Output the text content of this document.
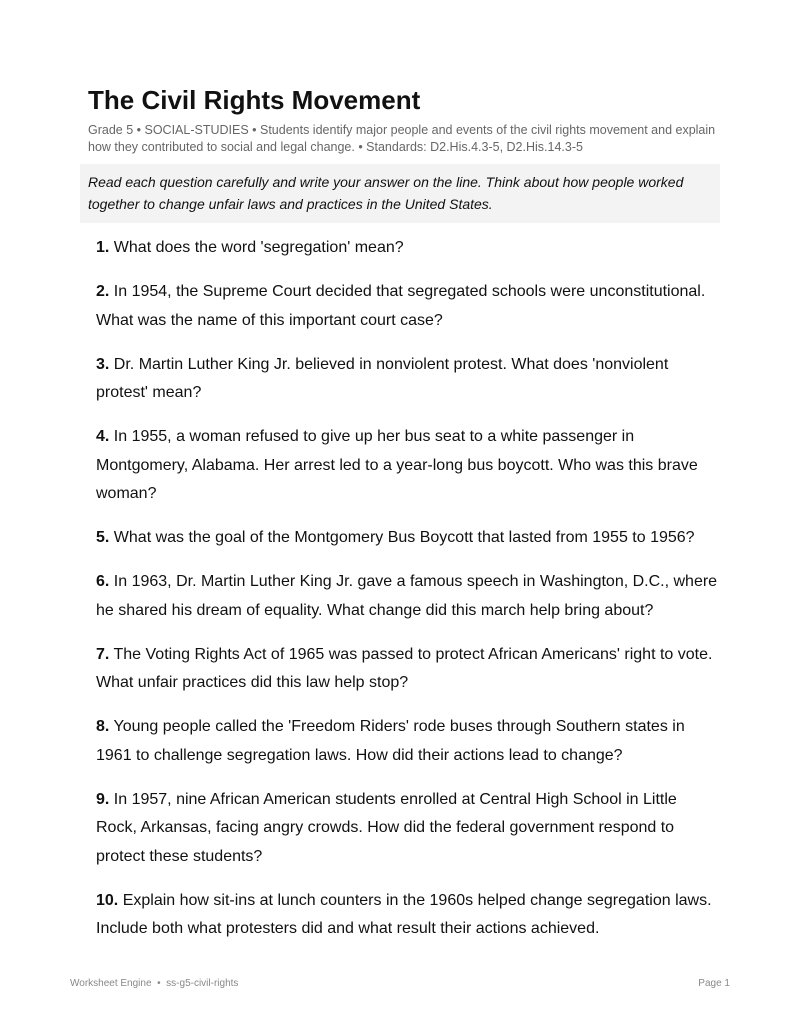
The Civil Rights Movement

Grade 5 • SOCIAL-STUDIES • Students identify major people and events of the civil rights movement and explain how they contributed to social and legal change. • Standards: D2.His.4.3-5, D2.His.14.3-5

Read each question carefully and write your answer on the line. Think about how people worked together to change unfair laws and practices in the United States.
1. What does the word 'segregation' mean?
2. In 1954, the Supreme Court decided that segregated schools were unconstitutional. What was the name of this important court case?
3. Dr. Martin Luther King Jr. believed in nonviolent protest. What does 'nonviolent protest' mean?
4. In 1955, a woman refused to give up her bus seat to a white passenger in Montgomery, Alabama. Her arrest led to a year-long bus boycott. Who was this brave woman?
5. What was the goal of the Montgomery Bus Boycott that lasted from 1955 to 1956?
6. In 1963, Dr. Martin Luther King Jr. gave a famous speech in Washington, D.C., where he shared his dream of equality. What change did this march help bring about?
7. The Voting Rights Act of 1965 was passed to protect African Americans' right to vote. What unfair practices did this law help stop?
8. Young people called the 'Freedom Riders' rode buses through Southern states in 1961 to challenge segregation laws. How did their actions lead to change?
9. In 1957, nine African American students enrolled at Central High School in Little Rock, Arkansas, facing angry crowds. How did the federal government respond to protect these students?
10. Explain how sit-ins at lunch counters in the 1960s helped change segregation laws. Include both what protesters did and what result their actions achieved.
Worksheet Engine • ss-g5-civil-rights	Page 1
